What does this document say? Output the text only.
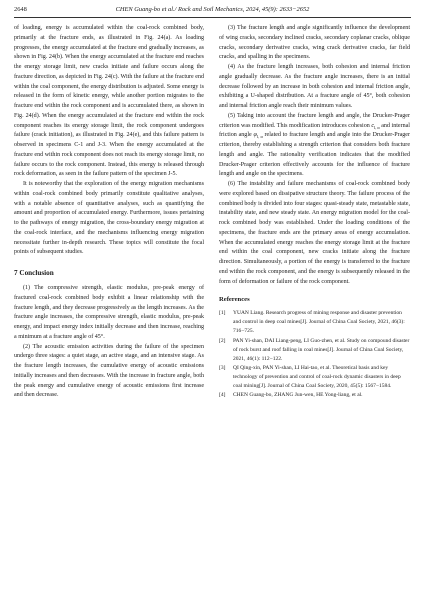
2648	CHEN Guang-bo et al./ Rock and Soil Mechanics, 2024, 45(9): 2633−2652

of loading, energy is accumulated within the coal-rock combined body, primarily at the fracture ends, as illustrated in Fig. 24(a). As loading progresses, the energy accumulated at the fracture end gradually increases, as shown in Fig. 24(b). When the energy accumulated at the fracture end reaches the energy storage limit, new cracks initiate and failure occurs along the fracture direction, as depicted in Fig. 24(c). With the failure at the fracture end within the coal component, the energy distribution is adjusted. Some energy is released in the form of kinetic energy, while another portion migrates to the fracture end within the rock component and is accumulated there, as shown in Fig. 24(d). When the energy accumulated at the fracture end within the rock component reaches its energy storage limit, the rock component undergoes failure (crack initiation), as illustrated in Fig. 24(e), and this failure pattern is observed in specimens C-1 and J-3. When the energy accumulated at the fracture end within rock component does not reach its energy storage limit, no failure occurs to the rock component. Instead, this energy is released through rock deformation, as seen in the failure pattern of the specimen J-5.

It is noteworthy that the exploration of the energy migration mechanisms within coal-rock combined body primarily constitute qualitative analyses, with a notable absence of quantitative analyses, such as quantifying the amount and proportion of accumulated energy. Furthermore, issues pertaining to the pathways of energy migration, the cross-boundary energy migration at the coal-rock interface, and the mechanisms influencing energy migration necessitate further in-depth research. These topics will constitute the focal points of subsequent studies.

7 Conclusion

(1) The compressive strength, elastic modulus, pre-peak energy of fractured coal-rock combined body exhibit a linear relationship with the fracture length, and they decrease progressively as the length increases. As the fracture angle increases, the compressive strength, elastic modulus, pre-peak energy, and impact energy index initially decrease and then increase, reaching a minimum at a fracture angle of 45°.

(2) The acoustic emission activities during the failure of the specimen undergo three stages: a quiet stage, an active stage, and an intensive stage. As the fracture length increases, the cumulative energy of acoustic emissions initially increases and then decreases. With the increase in fracture angle, both the peak energy and cumulative energy of acoustic emissions first increase and then decrease.

(3) The fracture length and angle significantly influence the development of wing cracks, secondary inclined cracks, secondary coplanar cracks, oblique cracks, secondary derivative cracks, wing crack derivative cracks, far field cracks, and spalling in the specimens.

(4) As the fracture length increases, both cohesion and internal friction angle gradually decrease. As the fracture angle increases, there is an initial decrease followed by an increase in both cohesion and internal friction angle, exhibiting a U-shaped distribution. At a fracture angle of 45°, both cohesion and internal friction angle reach their minimum values.

(5) Taking into account the fracture length and angle, the Drucker-Prager criterion was modified. This modification introduces cohesion $c_{l, \alpha}$ and internal friction angle $\varphi_{l, \alpha}$ related to fracture length and angle into the Drucker-Prager criterion, thereby establishing a strength criterion that considers both fracture length and angle. The rationality verification indicates that the modified Drucker-Prager criterion effectively accounts for the influence of fracture length and angle on the specimens.

(6) The instability and failure mechanisms of coal-rock combined body were explored based on dissipative structure theory. The failure process of the combined body is divided into four stages: quasi-steady state, metastable state, instability state, and new steady state. An energy migration model for the coal-rock combined body was established. Under the loading conditions of the specimens, the fracture ends are the primary areas of energy accumulation. When the accumulated energy reaches the energy storage limit at the fracture end within the coal component, new cracks initiate along the fracture direction. Simultaneously, a portion of the energy is transferred to the fracture end within the rock component, and the energy is subsequently released in the form of deformation or failure of the rock component.

References
[1]	YUAN Liang. Research progress of mining response and disaster prevention and control in deep coal mines[J]. Journal of China Coal Society, 2021, 46(3): 716−725.
[2]	PAN Yi-shan, DAI Liang-peng, LI Guo-zhen, et al. Study on compound disaster of rock burst and roof falling in coal mines[J]. Journal of China Coal Society, 2021, 46(1): 112−122.
[3]	QI Qing-xin, PAN Yi-shan, LI Hai-tao, et al. Theoretical basis and key technology of prevention and control of coal-rock dynamic disasters in deep coal mining[J]. Journal of China Coal Society, 2020, 45(5): 1567−1584.
[4]	CHEN Guang-bo, ZHANG Jun-wen, HE Yong-liang, et al.
